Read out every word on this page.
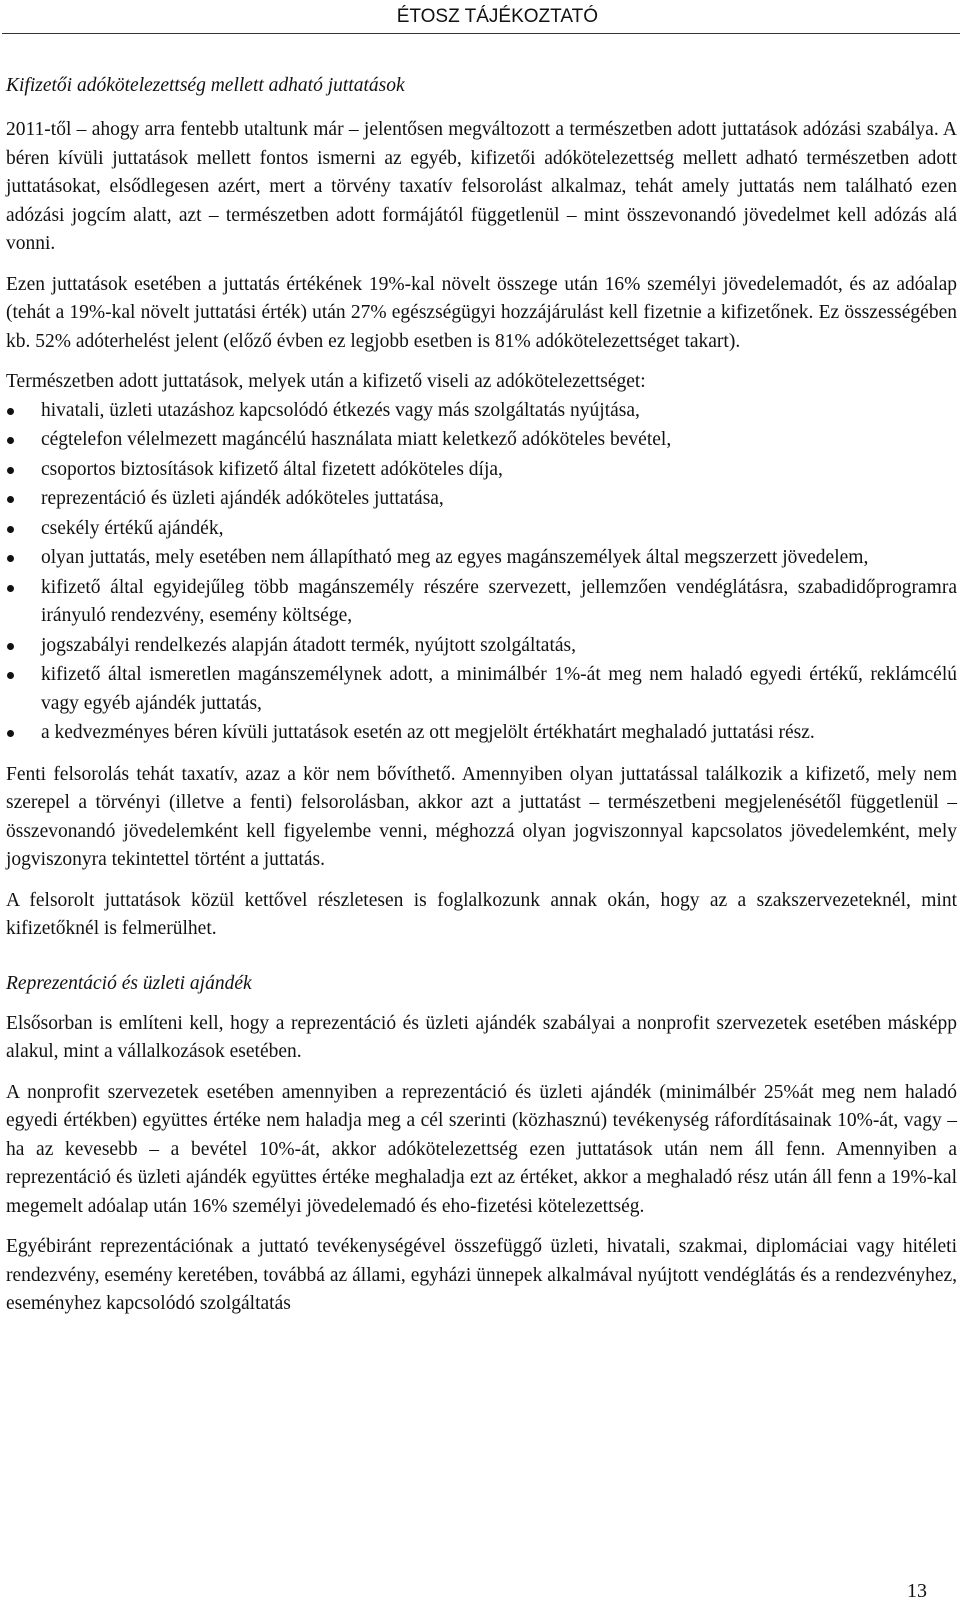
ÉTOSZ TÁJÉKOZTATÓ
Kifizetői adókötelezettség mellett adható juttatások

2011-től – ahogy arra fentebb utaltunk már – jelentősen megváltozott a természetben adott juttatások adózási szabálya. A béren kívüli juttatások mellett fontos ismerni az egyéb, kifizetői adókötelezettség mellett adható természetben adott juttatásokat, elsődlegesen azért, mert a törvény taxatív felsorolást alkalmaz, tehát amely juttatás nem található ezen adózási jogcím alatt, azt – természetben adott formájától függetlenül – mint összevonandó jövedelmet kell adózás alá vonni.

Ezen juttatások esetében a juttatás értékének 19%-kal növelt összege után 16% személyi jövedelemadót, és az adóalap (tehát a 19%-kal növelt juttatási érték) után 27% egészségügyi hozzájárulást kell fizetnie a kifizetőnek. Ez összességében kb. 52% adóterhelést jelent (előző évben ez legjobb esetben is 81% adókötelezettséget takart).

Természetben adott juttatások, melyek után a kifizető viseli az adókötelezettséget:

hivatali, üzleti utazáshoz kapcsolódó étkezés vagy más szolgáltatás nyújtása,
cégtelefon vélelmezett magáncélú használata miatt keletkező adóköteles bevétel,
csoportos biztosítások kifizető által fizetett adóköteles díja,
reprezentáció és üzleti ajándék adóköteles juttatása,
csekély értékű ajándék,
olyan juttatás, mely esetében nem állapítható meg az egyes magánszemélyek által megszerzett jövedelem,
kifizető által egyidejűleg több magánszemély részére szervezett, jellemzően vendéglátásra, szabadidőprogramra irányuló rendezvény, esemény költsége,
jogszabályi rendelkezés alapján átadott termék, nyújtott szolgáltatás,
kifizető által ismeretlen magánszemélynek adott, a minimálbér 1%-át meg nem haladó egyedi értékű, reklámcélú vagy egyéb ajándék juttatás,
a kedvezményes béren kívüli juttatások esetén az ott megjelölt értékhatárt meghaladó juttatási rész.

Fenti felsorolás tehát taxatív, azaz a kör nem bővíthető. Amennyiben olyan juttatással találkozik a kifizető, mely nem szerepel a törvényi (illetve a fenti) felsorolásban, akkor azt a juttatást – természetbeni megjelenésétől függetlenül – összevonandó jövedelemként kell figyelembe venni, méghozzá olyan jogviszonnyal kapcsolatos jövedelemként, mely jogviszonyra tekintettel történt a juttatás.

A felsorolt juttatások közül kettővel részletesen is foglalkozunk annak okán, hogy az a szakszervezeteknél, mint kifizetőknél is felmerülhet.

Reprezentáció és üzleti ajándék

Elsősorban is említeni kell, hogy a reprezentáció és üzleti ajándék szabályai a nonprofit szervezetek esetében másképp alakul, mint a vállalkozások esetében.

A nonprofit szervezetek esetében amennyiben a reprezentáció és üzleti ajándék (minimálbér 25%át meg nem haladó egyedi értékben) együttes értéke nem haladja meg a cél szerinti (közhasznú) tevékenység ráfordításainak 10%-át, vagy – ha az kevesebb – a bevétel 10%-át, akkor adókötelezettség ezen juttatások után nem áll fenn. Amennyiben a reprezentáció és üzleti ajándék együttes értéke meghaladja ezt az értéket, akkor a meghaladó rész után áll fenn a 19%-kal megemelt adóalap után 16% személyi jövedelemadó és eho-fizetési kötelezettség.

Egyébiránt reprezentációnak a juttató tevékenységével összefüggő üzleti, hivatali, szakmai, diplomáciai vagy hitéleti rendezvény, esemény keretében, továbbá az állami, egyházi ünnepek alkalmával nyújtott vendéglátás és a rendezvényhez, eseményhez kapcsolódó szolgáltatás

13
